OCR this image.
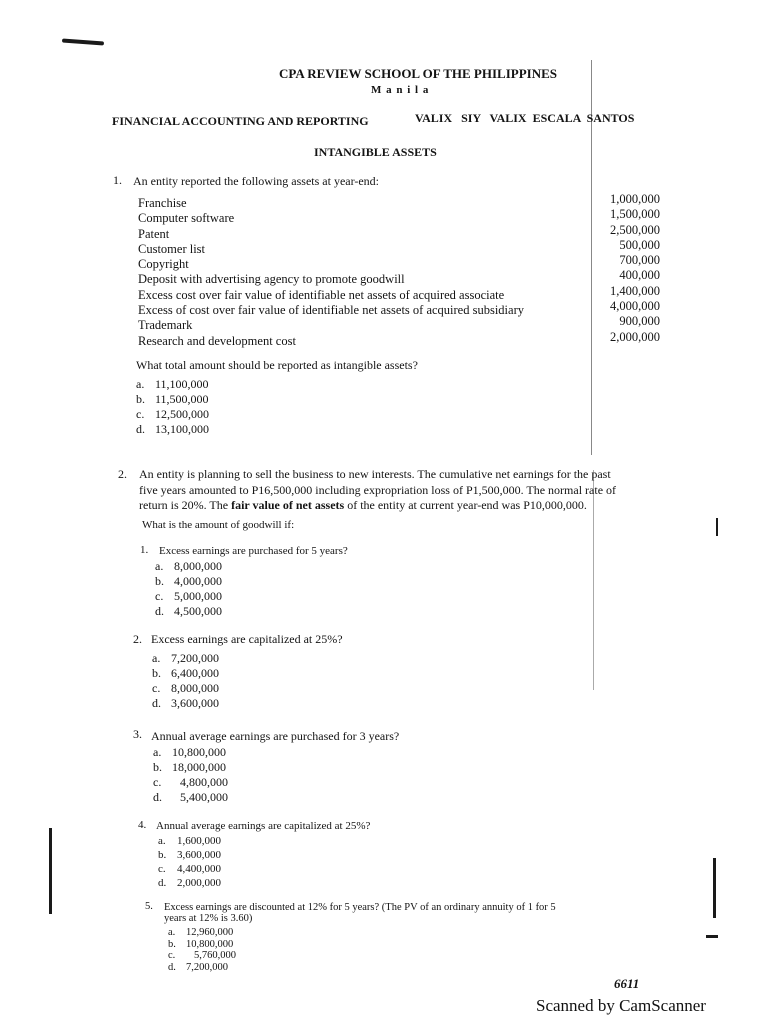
CPA REVIEW SCHOOL OF THE PHILIPPINES
M a n i l a
FINANCIAL ACCOUNTING AND REPORTING	VALIX   SIY   VALIX  ESCALA  SANTOS
INTANGIBLE ASSETS
1. An entity reported the following assets at year-end:
Franchise
Computer software
Patent
Customer list
Copyright
Deposit with advertising agency to promote goodwill
Excess cost over fair value of identifiable net assets of acquired associate
Excess of cost over fair value of identifiable net assets of acquired subsidiary
Trademark
Research and development cost
1,000,000
1,500,000
2,500,000
500,000
700,000
400,000
1,400,000
4,000,000
900,000
2,000,000
What total amount should be reported as intangible assets?
a. 11,100,000
b. 11,500,000
c. 12,500,000
d. 13,100,000
2. An entity is planning to sell the business to new interests. The cumulative net earnings for the past
five years amounted to P16,500,000 including expropriation loss of P1,500,000. The normal rate of
return is 20%. The fair value of net assets of the entity at current year-end was P10,000,000.
What is the amount of goodwill if:
1. Excess earnings are purchased for 5 years?
a. 8,000,000
b. 4,000,000
c. 5,000,000
d. 4,500,000
2. Excess earnings are capitalized at 25%?
a. 7,200,000
b. 6,400,000
c. 8,000,000
d. 3,600,000
3. Annual average earnings are purchased for 3 years?
a. 10,800,000
b. 18,000,000
c. 4,800,000
d. 5,400,000
4. Annual average earnings are capitalized at 25%?
a. 1,600,000
b. 3,600,000
c. 4,400,000
d. 2,000,000
5. Excess earnings are discounted at 12% for 5 years? (The PV of an ordinary annuity of 1 for 5
years at 12% is 3.60)
a. 12,960,000
b. 10,800,000
c. 5,760,000
d. 7,200,000
6611
Scanned by CamScanner
